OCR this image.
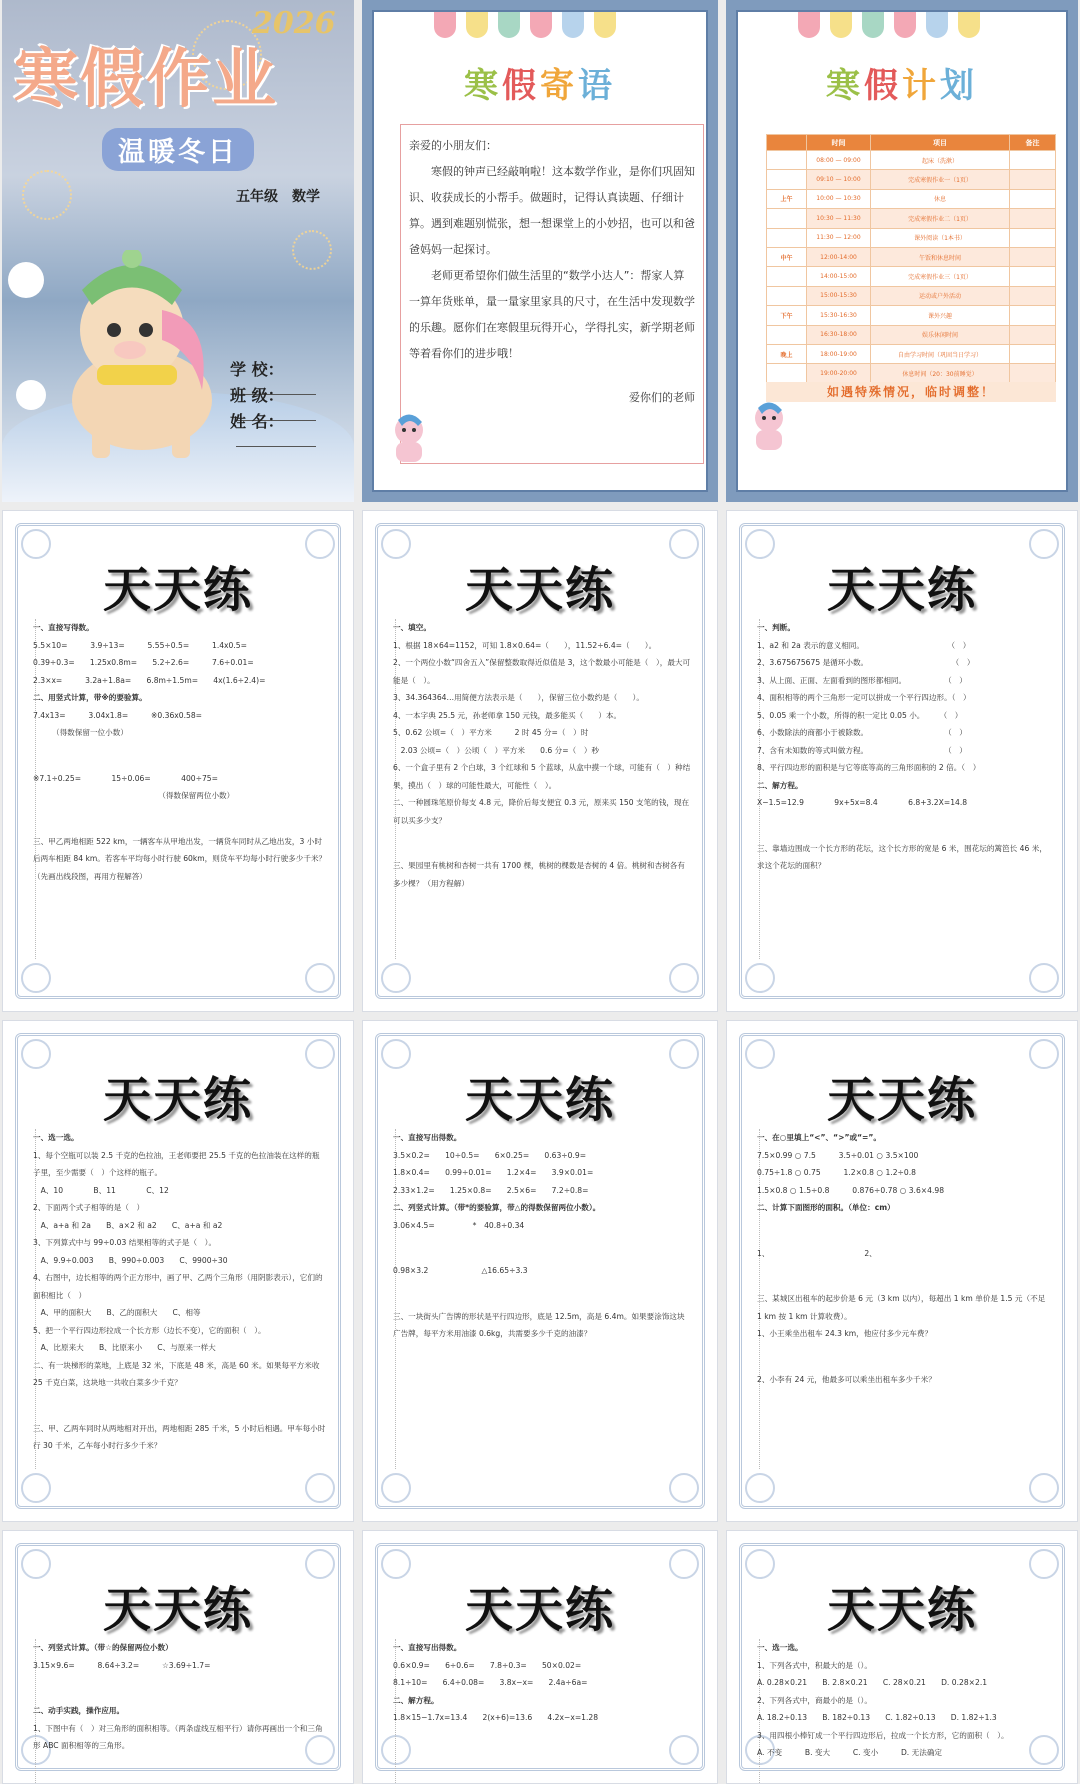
2026
寒假作业
温暖冬日
五年级　数学
学 校：
班 级：
姓 名：
寒假寄语
亲爱的小朋友们：

寒假的钟声已经敲响啦！这本数学作业，是你们巩固知识、收获成长的小帮手。做题时，记得认真读题、仔细计算。遇到难题别慌张，想一想课堂上的小妙招，也可以和爸爸妈妈一起探讨。

老师更希望你们做生活里的“数学小达人”：帮家人算一算年货账单，量一量家里家具的尺寸，在生活中发现数学的乐趣。愿你们在寒假里玩得开心，学得扎实，新学期老师等着看你们的进步哦！

爱你们的老师
寒假计划
	时间	项目	备注
	08:00 — 09:00	起床（洗漱）	
	09:10 — 10:00	完成寒假作业一（1页）	
上午	10:00 — 10:30	休息	
	10:30 — 11:30	完成寒假作业二（1页）	
	11:30 — 12:00	课外阅读（1本书）	
中午	12:00-14:00	午饭和休息时间	
	14:00-15:00	完成寒假作业三（1页）	
	15:00-15:30	运动或户外活动	
下午	15:30-16:30	课外兴趣	
	16:30-18:00	娱乐休闲时间	
晚上	18:00-19:00	自由学习时间（巩固当日学习）	
	19:00-20:00	休息时间（20：30前睡觉）	
如遇特殊情况，临时调整！
天天练
一、直接写得数。
5.5×10=　　　3.9÷13=　　　5.55÷0.5=　　　1.4x0.5=
0.39÷0.3=　　1.25x0.8m=　　5.2÷2.6=　　　7.6÷0.01=
2.3×x=　　　3.2a÷1.8a=　　6.8m÷1.5m=　　4x(1.6÷2.4)=
二、用竖式计算，带※的要验算。
7.4x13=　　　3.04x1.8=　　　※0.36x0.58=
　　　（得数保留一位小数）
※7.1÷0.25=　　　　15÷0.06=　　　　400÷75=
　　　　　　　　　　　　　　　　　（得数保留两位小数）
三、甲乙两地相距 522 km，一辆客车从甲地出发，一辆货车同时从乙地出发，3 小时后两车相距 84 km。若客车平均每小时行驶 60km，则货车平均每小时行驶多少千米？（先画出线段图，再用方程解答）
天天练
一、填空。
1、根据 18×64=1152，可知 1.8×0.64=（　　），11.52÷6.4=（　　）。
2、一个两位小数“四舍五入”保留整数取得近似值是 3，这个数最小可能是（　），最大可能是（　）。
3、34.364364…用简便方法表示是（　　），保留三位小数约是（　　）。
4、一本字典 25.5 元，孙老师拿 150 元钱，最多能买（　　）本。
5、0.62 公顷=（　）平方米　　　2 时 45 分=（　）时
　2.03 公顷=（　）公顷（　）平方米　　0.6 分=（　）秒
6、一个盒子里有 2 个白球，3 个红球和 5 个蓝球，从盒中摸一个球，可能有（　）种结果，摸出（　）球的可能性最大，可能性（　）。
二、一种圆珠笔原价每支 4.8 元，降价后每支便宜 0.3 元，原来买 150 支笔的钱，现在可以买多少支？
三、果园里有桃树和杏树一共有 1700 棵，桃树的棵数是杏树的 4 倍。桃树和杏树各有多少棵？（用方程解）
天天练
一、判断。
1、a2 和 2a 表示的意义相同。　　　　　　　　　　　　（　）
2、3.675675675 是循环小数。　　　　　　　　　　　　（　）
3、从上面、正面、左面看到的图形都相同。　　　　　　（　）
4、面积相等的两个三角形一定可以拼成一个平行四边形。（　）
5、0.05 乘一个小数，所得的积一定比 0.05 小。　　　（　）
6、小数除法的商都小于被除数。　　　　　　　　　　　（　）
7、含有未知数的等式叫做方程。　　　　　　　　　　　（　）
8、平行四边形的面积是与它等底等高的三角形面积的 2 倍。（　）
二、解方程。
X−1.5=12.9　　　　9x+5x=8.4　　　　6.8+3.2X=14.8
三、靠墙边围成一个长方形的花坛，这个长方形的宽是 6 米，围花坛的篱笆长 46 米，求这个花坛的面积？
天天练
一、选一选。
1、每个空瓶可以装 2.5 千克的色拉油，王老师要把 25.5 千克的色拉油装在这样的瓶子里，至少需要（　）个这样的瓶子。
　A、10　　　　B、11　　　　C、12
2、下面两个式子相等的是（　）
　A、a+a 和 2a　　B、a×2 和 a2　　C、a+a 和 a2
3、下列算式中与 99÷0.03 结果相等的式子是（　）。
　A、9.9÷0.003　　B、990÷0.003　　C、9900÷30
4、右图中，边长相等的两个正方形中，画了甲、乙两个三角形（用阴影表示），它们的面积相比（　）
　A、甲的面积大　　B、乙的面积大　　C、相等
5、把一个平行四边形拉成一个长方形（边长不变），它的面积（　）。
　A、比原来大　　B、比原来小　　C、与原来一样大
二、有一块梯形的菜地，上底是 32 米，下底是 48 米，高是 60 米。如果每平方米收 25 千克白菜，这块地一共收白菜多少千克？
三、甲、乙两车同时从两地相对开出，两地相距 285 千米，5 小时后相遇。甲车每小时行 30 千米，乙车每小时行多少千米？
天天练
一、直接写出得数。
3.5×0.2=　　10÷0.5=　　6×0.25=　　0.63÷0.9=
1.8×0.4=　　0.99÷0.01=　　1.2×4=　　3.9×0.01=
2.33×1.2=　　1.25×0.8=　　2.5×6=　　7.2÷0.8=
二、列竖式计算。（带*的要验算，带△的得数保留两位小数）。
3.06×4.5=　　　　　*　40.8÷0.34
0.98×3.2　　　　　　　△16.65÷3.3
三、一块街头广告牌的形状是平行四边形，底是 12.5m，高是 6.4m。如果要涂饰这块广告牌，每平方米用油漆 0.6kg，共需要多少千克的油漆？
天天练
一、在○里填上“<”、“>”或“=”。
7.5×0.99 ○ 7.5　　　3.5÷0.01 ○ 3.5×100
0.75÷1.8 ○ 0.75　　　1.2×0.8 ○ 1.2÷0.8
1.5×0.8 ○ 1.5÷0.8　　　0.876÷0.78 ○ 3.6×4.98
二、计算下面图形的面积。（单位：cm）
1、　　　　　　　　　　　　　2、
三、某城区出租车的起步价是 6 元（3 km 以内），每超出 1 km 单价是 1.5 元（不足 1 km 按 1 km 计算收费）。
1、小王乘坐出租车 24.3 km，他应付多少元车费？
2、小李有 24 元，他最多可以乘坐出租车多少千米？
天天练
一、列竖式计算。（带☆的保留两位小数）
3.15×9.6=　　　8.64÷3.2=　　　☆3.69÷1.7=
二、动手实践，操作应用。
1、下图中有（　）对三角形的面积相等。（两条虚线互相平行）请你再画出一个和三角形 ABC 面积相等的三角形。
天天练
一、直接写出得数。
0.6×0.9=　　6÷0.6=　　7.8÷0.3=　　50×0.02=
8.1÷10=　　6.4÷0.08=　　3.8x−x=　　2.4a÷6a=
二、解方程。
1.8×15−1.7x=13.4　　2(x+6)=13.6　　4.2x−x=1.28
天天练
一、选一选。
1、下列各式中，积最大的是（）。
A. 0.28×0.21　　B. 2.8×0.21　　C. 28×0.21　　D. 0.28×2.1
2、下列各式中，商最小的是（）。
A. 18.2÷0.13　　B. 182÷0.13　　C. 1.82÷0.13　　D. 1.82÷1.3
3、用四根小棒钉成一个平行四边形后，拉成一个长方形，它的面积（　）。
A. 不变　　　B. 变大　　　C. 变小　　　D. 无法确定
